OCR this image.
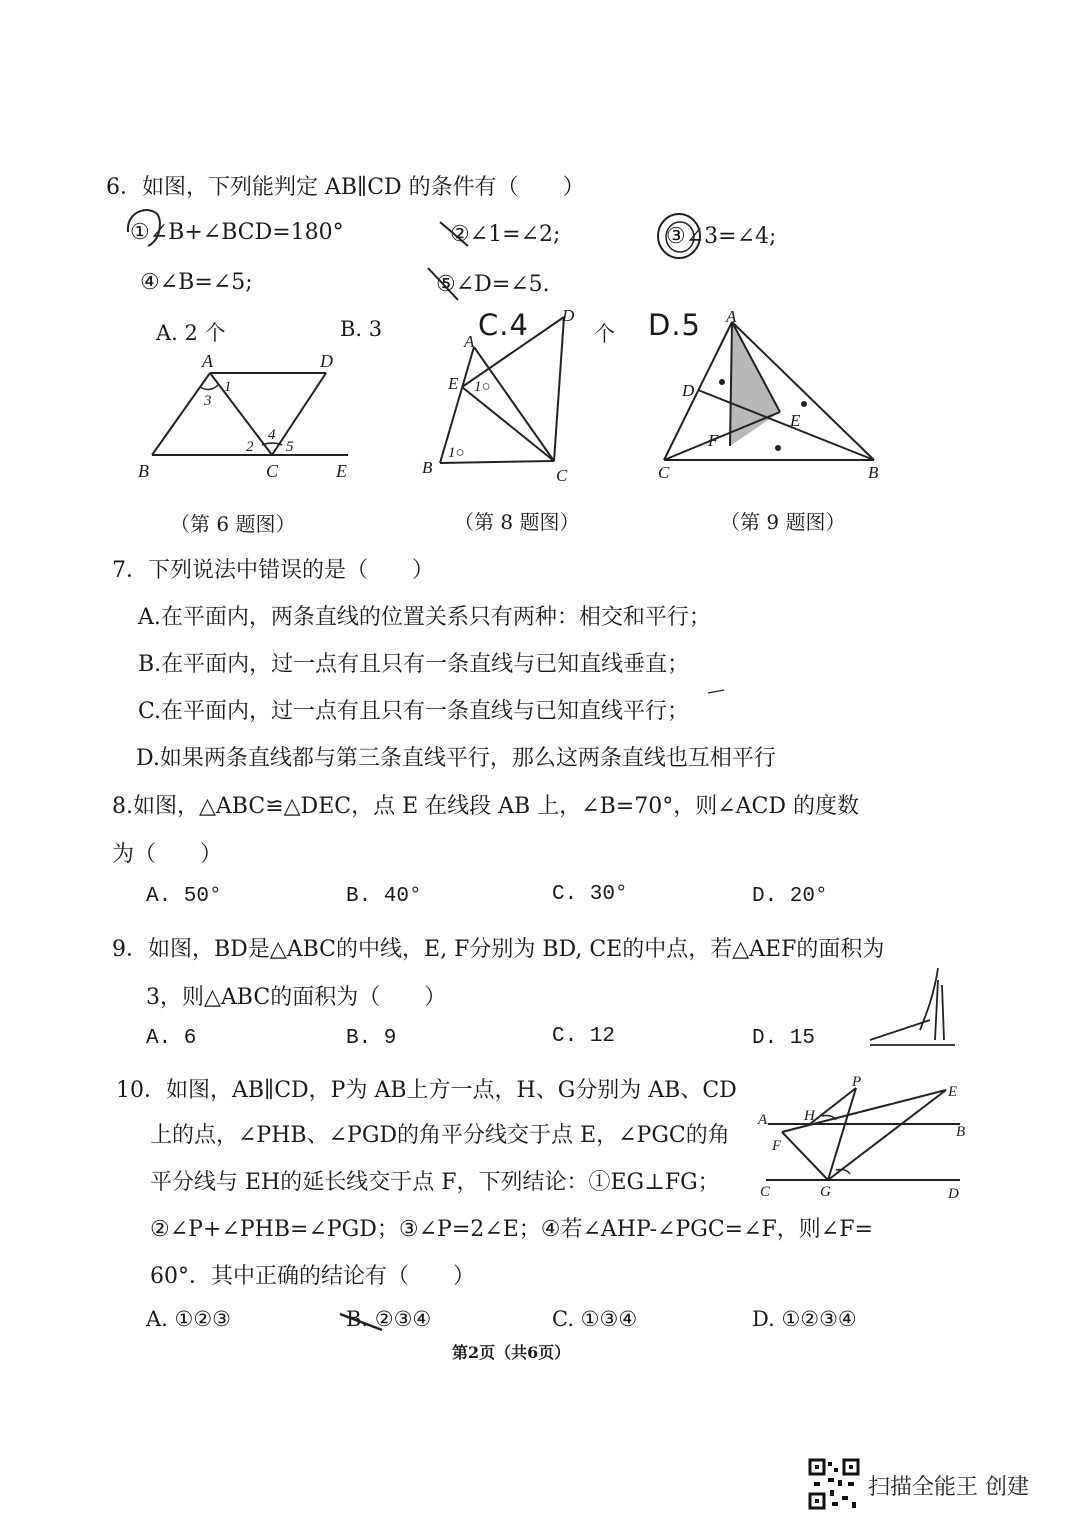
6．如图，下列能判定 AB∥CD 的条件有（　　）
①∠B+∠BCD=180°	②∠1=∠2;	③∠3=∠4;
④∠B=∠5;	⑤∠D=∠5.
A. 2 个	B. 3	C.4	个 D.5
A	D
B	C	E
1
3
2
4
5
A
B	C
D
E 1○
1○
A
B
C
D
E
F
（第 6 题图）	（第 8 题图）	（第 9 题图）
7．下列说法中错误的是（　　）
A.在平面内，两条直线的位置关系只有两种：相交和平行；
B.在平面内，过一点有且只有一条直线与已知直线垂直；
C.在平面内，过一点有且只有一条直线与已知直线平行；
D.如果两条直线都与第三条直线平行，那么这两条直线也互相平行
8.如图，△ABC≌△DEC，点 E 在线段 AB 上，∠B=70°，则∠ACD 的度数
为（　　）
A. 50°	B. 40°	C. 30°	D. 20°
9．如图，BD是△ABC的中线，E, F分别为 BD, CE的中点，若△AEF的面积为
3，则△ABC的面积为（　　）
A. 6	B. 9	C. 12	D. 15
10．如图，AB∥CD，P为 AB上方一点，H、G分别为 AB、CD
上的点，∠PHB、∠PGD的角平分线交于点 E，∠PGC的角
平分线与 EH的延长线交于点 F，下列结论：①EG⊥FG；
②∠P+∠PHB=∠PGD；③∠P=2∠E；④若∠AHP-∠PGC=∠F，则∠F=
60°．其中正确的结论有（　　）
A
B
C	D
E
F
G
H
P
A. ①②③	B. ②③④	C. ①③④	D. ①②③④
第2页（共6页）
扫描全能王 创建
